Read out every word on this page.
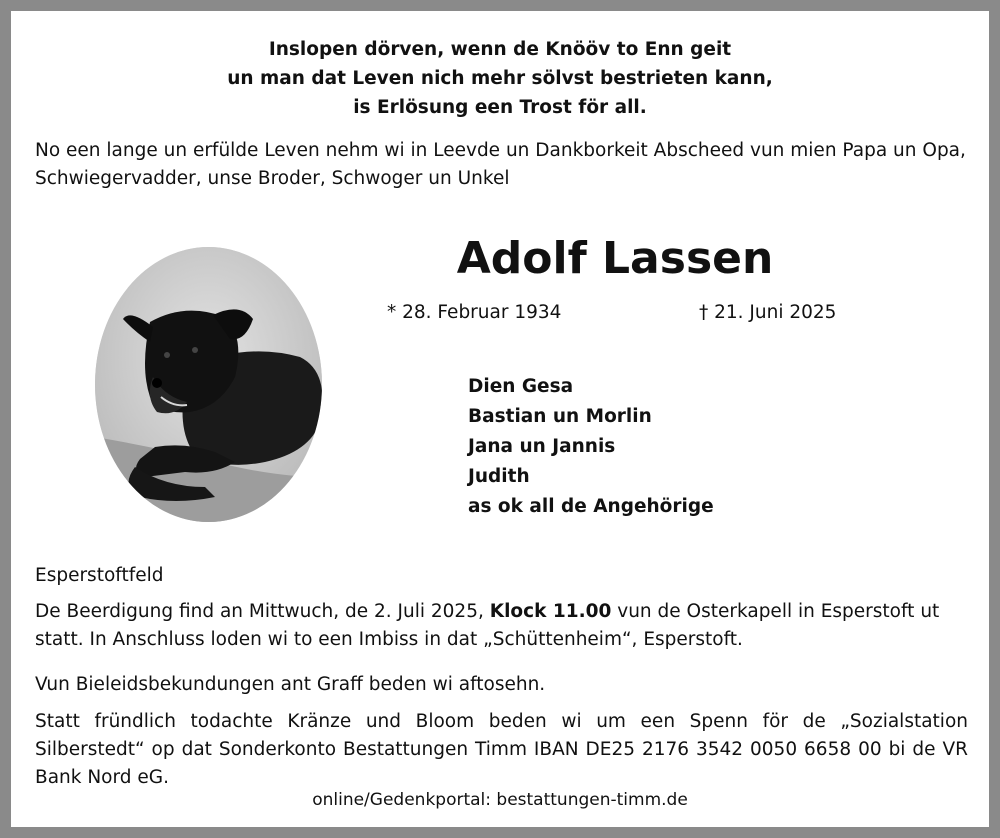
Inslopen dörven, wenn de Knööv to Enn geit
un man dat Leven nich mehr sölvst bestrieten kann,
is Erlösung een Trost för all.
No een lange un erfülde Leven nehm wi in Leevde un Dankborkeit Abscheed vun mien Papa un Opa, Schwiegervadder, unse Broder, Schwoger un Unkel
Adolf Lassen
* 28. Februar 1934	† 21. Juni 2025
Dien Gesa
Bastian un Morlin
Jana un Jannis
Judith
as ok all de Angehörige
Esperstoftfeld
De Beerdigung find an Mittwuch, de 2. Juli 2025, Klock 11.00 vun de Osterkapell in Esperstoft ut statt. In Anschluss loden wi to een Imbiss in dat „Schüttenheim“, Esperstoft.
Vun Bieleidsbekundungen ant Graff beden wi aftosehn.
Statt fründlich todachte Kränze und Bloom beden wi um een Spenn för de „Sozialstation Silberstedt“ op dat Sonderkonto Bestattungen Timm IBAN DE25 2176 3542 0050 6658 00 bi de VR Bank Nord eG.
online/Gedenkportal: bestattungen-timm.de
